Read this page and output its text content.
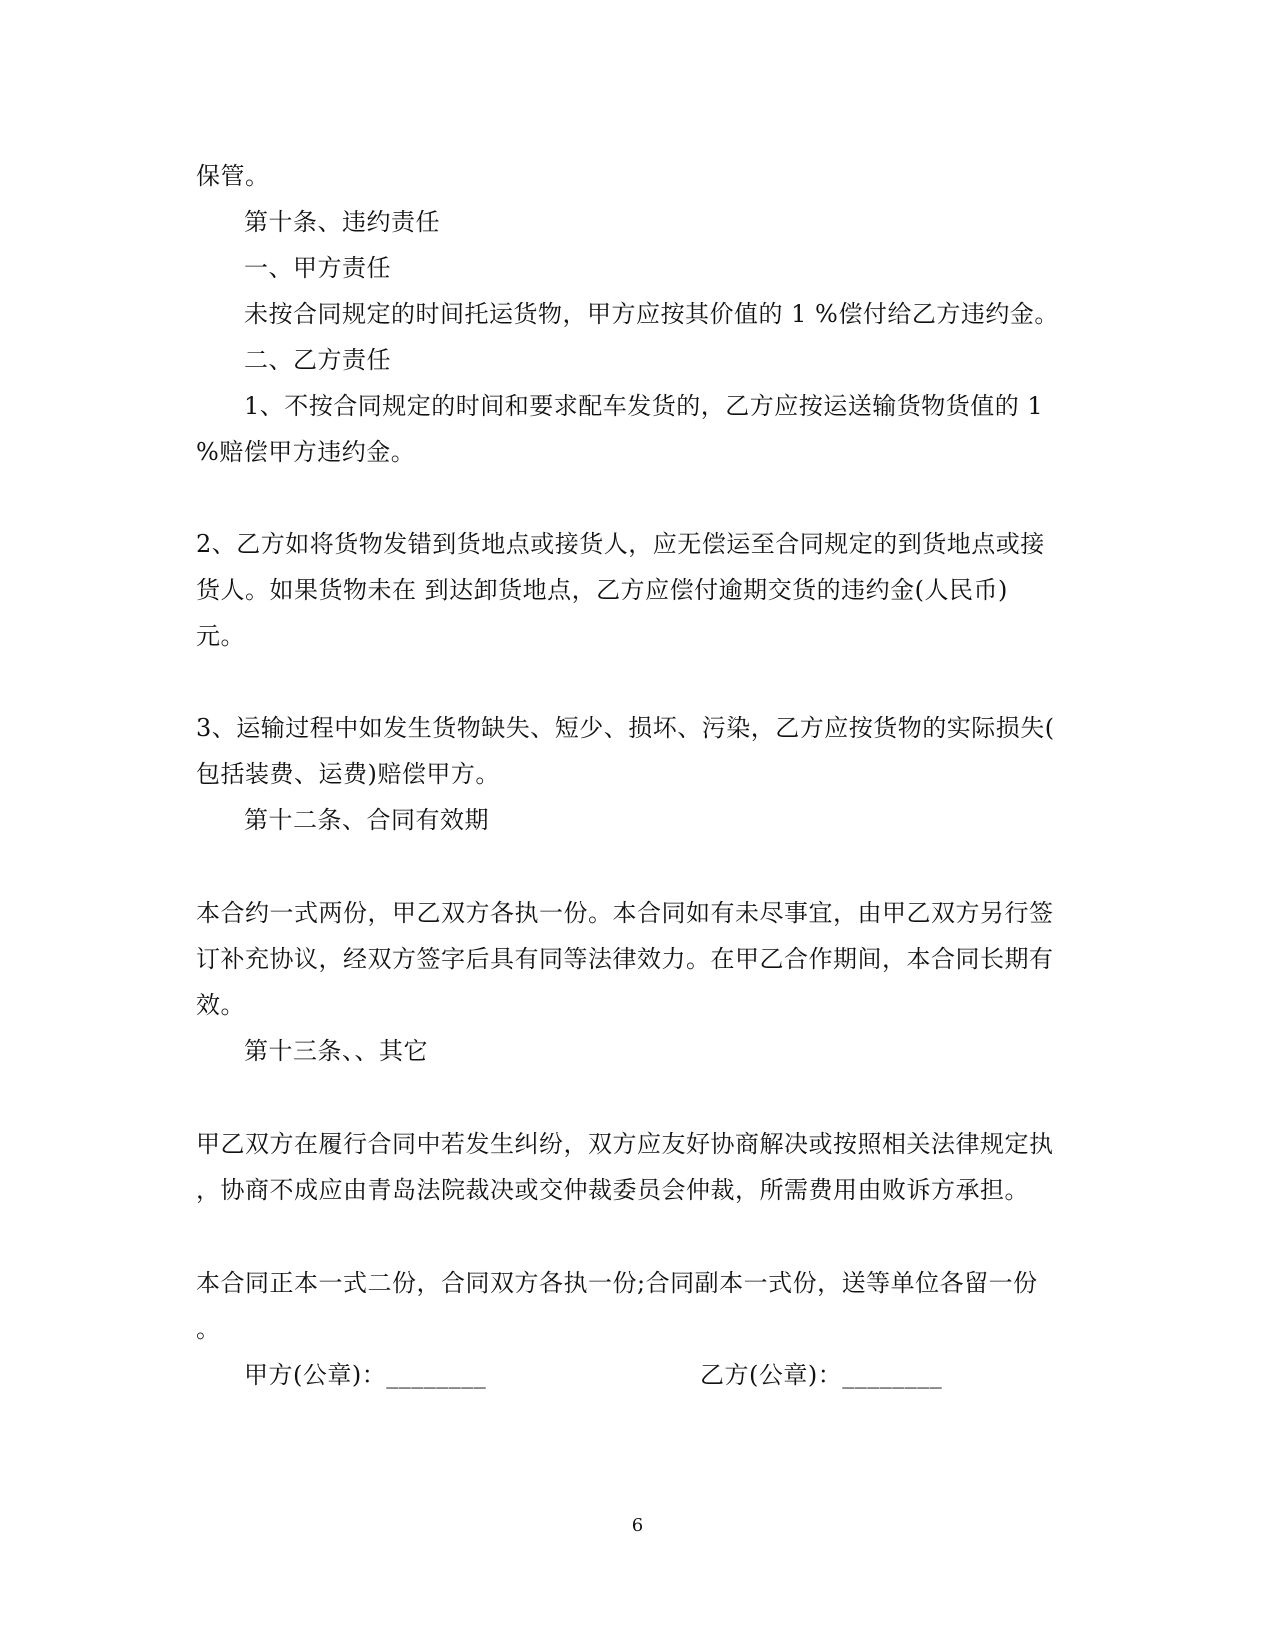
保管。
第十条、违约责任
一、甲方责任
未按合同规定的时间托运货物，甲方应按其价值的 1 %偿付给乙方违约金。
二、乙方责任
1、不按合同规定的时间和要求配车发货的，乙方应按运送输货物货值的 1
%赔偿甲方违约金。
2、乙方如将货物发错到货地点或接货人，应无偿运至合同规定的到货地点或接
货人。如果货物未在 到达卸货地点，乙方应偿付逾期交货的违约金(人民币)
元。
3、运输过程中如发生货物缺失、短少、损坏、污染，乙方应按货物的实际损失(
包括装费、运费)赔偿甲方。
第十二条、合同有效期
本合约一式两份，甲乙双方各执一份。本合同如有未尽事宜，由甲乙双方另行签
订补充协议，经双方签字后具有同等法律效力。在甲乙合作期间，本合同长期有
效。
第十三条、、其它
甲乙双方在履行合同中若发生纠纷，双方应友好协商解决或按照相关法律规定执
，协商不成应由青岛法院裁决或交仲裁委员会仲裁，所需费用由败诉方承担。
本合同正本一式二份，合同双方各执一份;合同副本一式份，送等单位各留一份
。
甲方(公章)：________	乙方(公章)：________
6
